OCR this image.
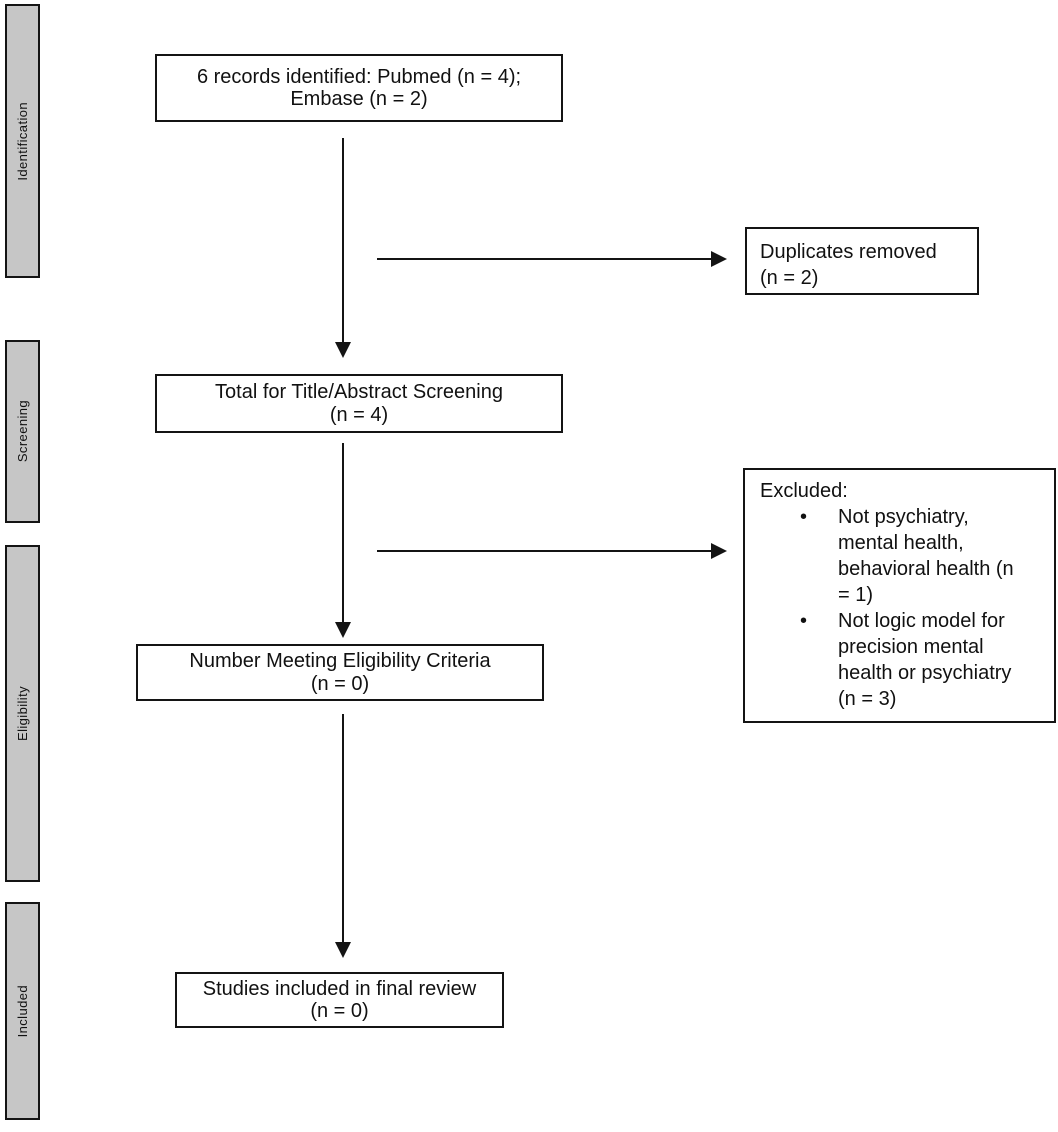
Identification
Screening
Eligibility
Included
6 records identified: Pubmed (n = 4);
Embase (n = 2)
Total for Title/Abstract Screening
(n = 4)
Number Meeting Eligibility Criteria
(n = 0)
Studies included in final review
(n = 0)
Duplicates removed
(n = 2)
Excluded:
• Not psychiatry, mental health, behavioral health (n = 1)
• Not logic model for precision mental health or psychiatry (n = 3)
